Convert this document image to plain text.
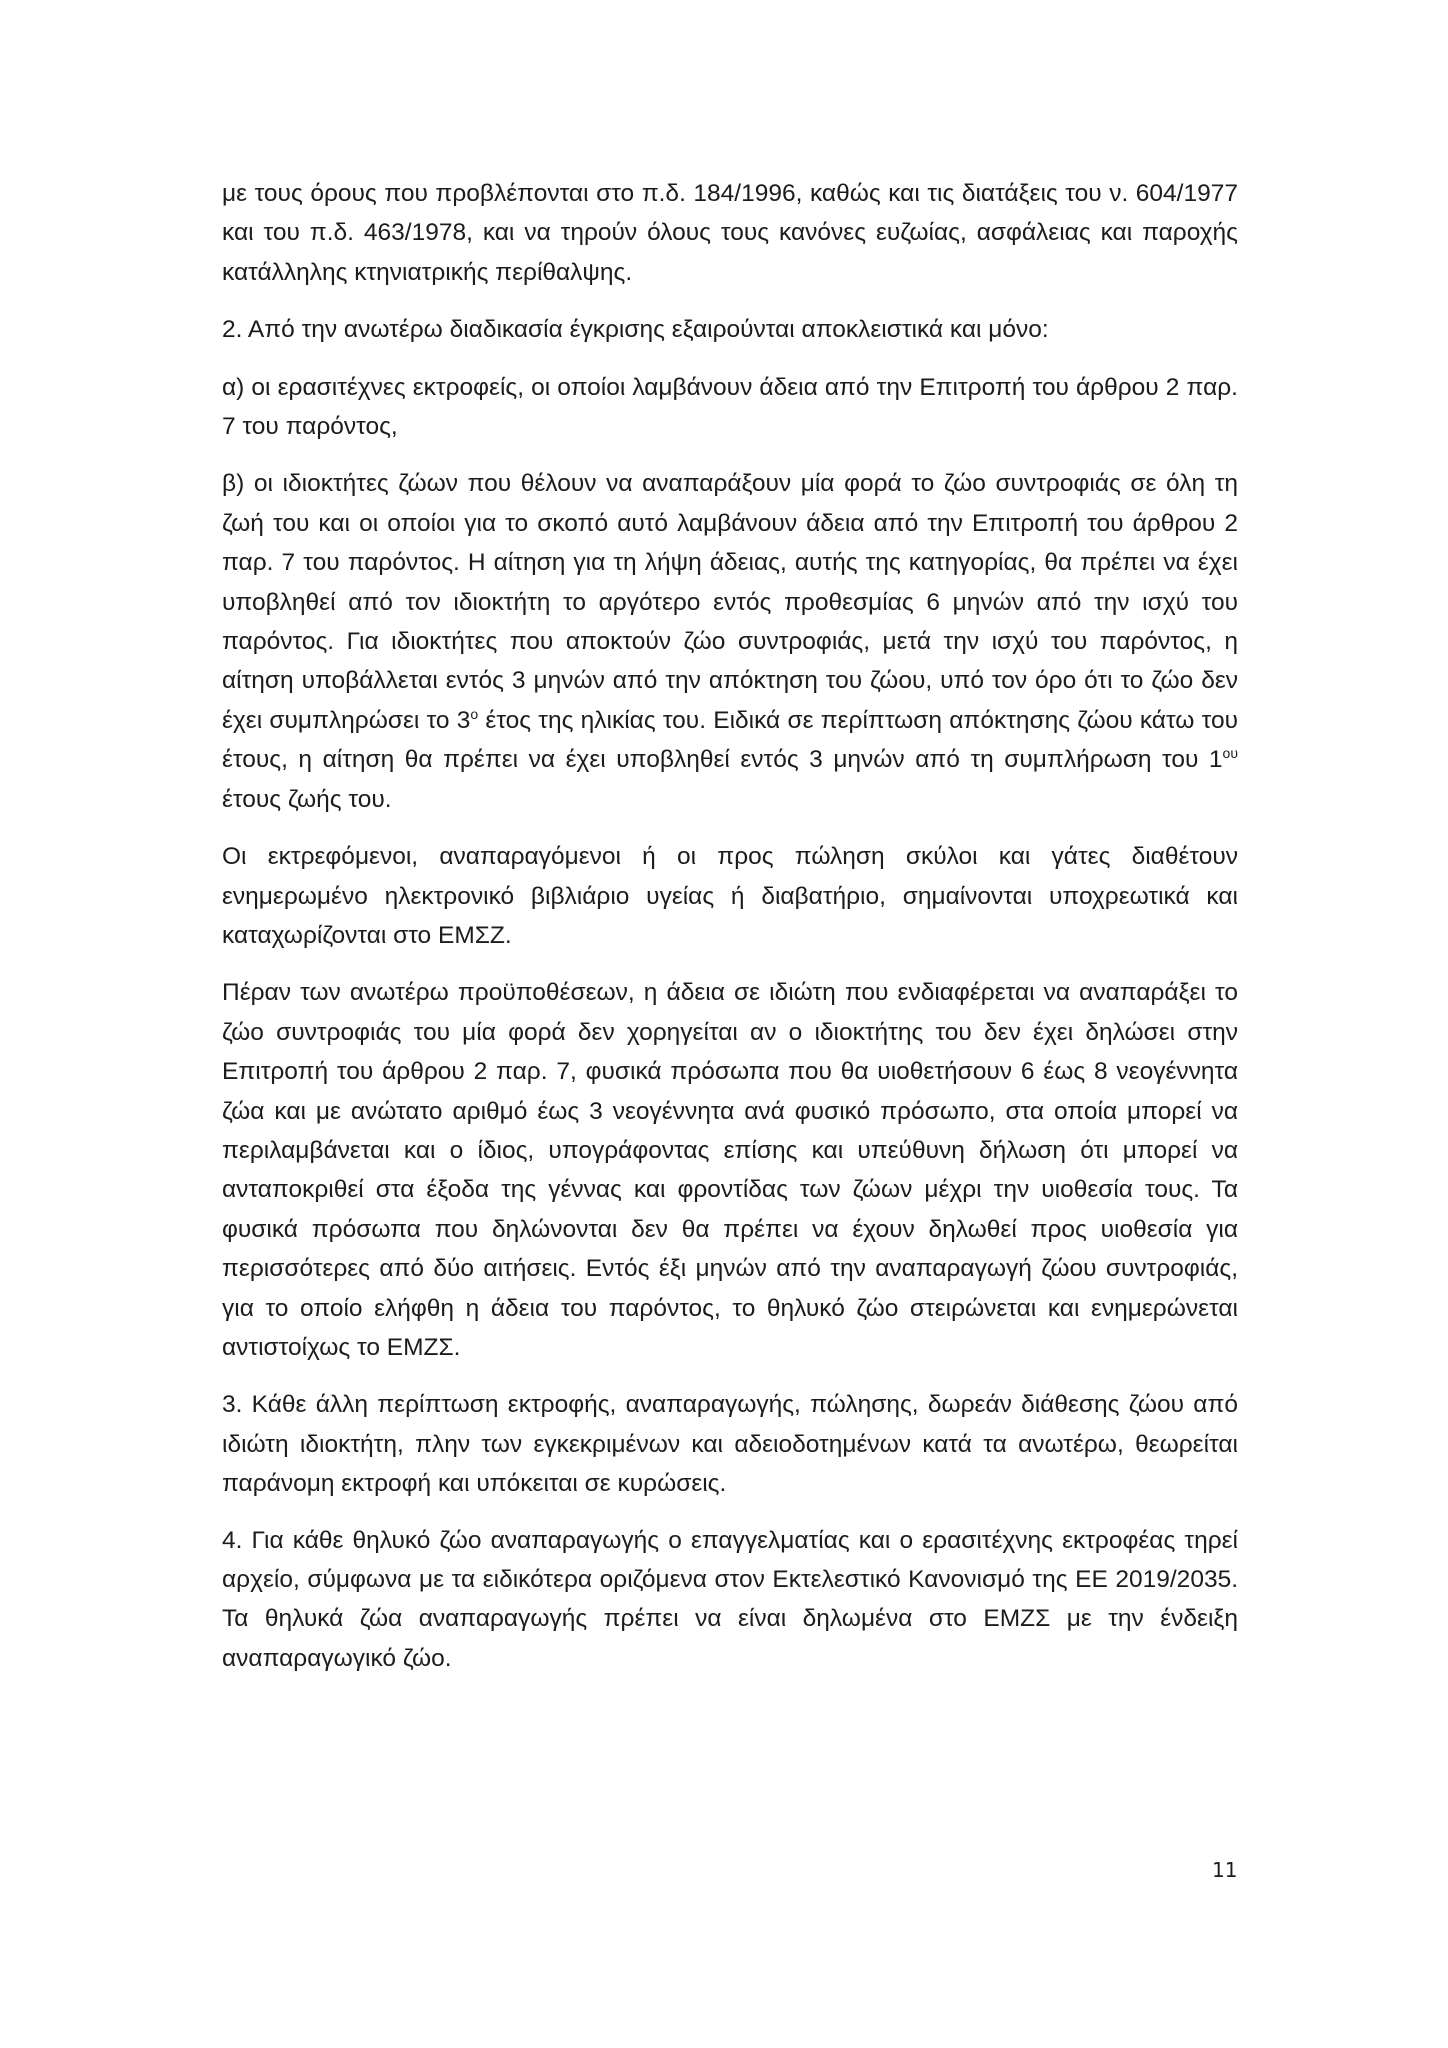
με τους όρους που προβλέπονται στο π.δ. 184/1996, καθώς και τις διατάξεις του ν. 604/1977 και του π.δ. 463/1978, και να τηρούν όλους τους κανόνες ευζωίας, ασφάλειας και παροχής κατάλληλης κτηνιατρικής περίθαλψης.

2. Από την ανωτέρω διαδικασία έγκρισης εξαιρούνται αποκλειστικά και μόνο:

α) οι ερασιτέχνες εκτροφείς, οι οποίοι λαμβάνουν άδεια από την Επιτροπή του άρθρου 2 παρ. 7 του παρόντος,

β) οι ιδιοκτήτες ζώων που θέλουν να αναπαράξουν μία φορά το ζώο συντροφιάς σε όλη τη ζωή του και οι οποίοι για το σκοπό αυτό λαμβάνουν άδεια από την Επιτροπή του άρθρου 2 παρ. 7 του παρόντος. Η αίτηση για τη λήψη άδειας, αυτής της κατηγορίας, θα πρέπει να έχει υποβληθεί από τον ιδιοκτήτη το αργότερο εντός προθεσμίας 6 μηνών από την ισχύ του παρόντος. Για ιδιοκτήτες που αποκτούν ζώο συντροφιάς, μετά την ισχύ του παρόντος, η αίτηση υποβάλλεται εντός 3 μηνών από την απόκτηση του ζώου, υπό τον όρο ότι το ζώο δεν έχει συμπληρώσει το $3^o$ έτος της ηλικίας του. Ειδικά σε περίπτωση απόκτησης ζώου κάτω του έτους, η αίτηση θα πρέπει να έχει υποβληθεί εντός 3 μηνών από τη συμπλήρωση του $1^{o\upsilon}$ έτους ζωής του.

Οι εκτρεφόμενοι, αναπαραγόμενοι ή οι προς πώληση σκύλοι και γάτες διαθέτουν ενημερωμένο ηλεκτρονικό βιβλιάριο υγείας ή διαβατήριο, σημαίνονται υποχρεωτικά και καταχωρίζονται στο ΕΜΣΖ.

Πέραν των ανωτέρω προϋποθέσεων, η άδεια σε ιδιώτη που ενδιαφέρεται να αναπαράξει το ζώο συντροφιάς του μία φορά δεν χορηγείται αν ο ιδιοκτήτης του δεν έχει δηλώσει στην Επιτροπή του άρθρου 2 παρ. 7, φυσικά πρόσωπα που θα υιοθετήσουν 6 έως 8 νεογέννητα ζώα και με ανώτατο αριθμό έως 3 νεογέννητα ανά φυσικό πρόσωπο, στα οποία μπορεί να περιλαμβάνεται και ο ίδιος, υπογράφοντας επίσης και υπεύθυνη δήλωση ότι μπορεί να ανταποκριθεί στα έξοδα της γέννας και φροντίδας των ζώων μέχρι την υιοθεσία τους. Τα φυσικά πρόσωπα που δηλώνονται δεν θα πρέπει να έχουν δηλωθεί προς υιοθεσία για περισσότερες από δύο αιτήσεις. Εντός έξι μηνών από την αναπαραγωγή ζώου συντροφιάς, για το οποίο ελήφθη η άδεια του παρόντος, το θηλυκό ζώο στειρώνεται και ενημερώνεται αντιστοίχως το ΕΜΖΣ.

3. Κάθε άλλη περίπτωση εκτροφής, αναπαραγωγής, πώλησης, δωρεάν διάθεσης ζώου από ιδιώτη ιδιοκτήτη, πλην των εγκεκριμένων και αδειοδοτημένων κατά τα ανωτέρω, θεωρείται παράνομη εκτροφή και υπόκειται σε κυρώσεις.

4. Για κάθε θηλυκό ζώο αναπαραγωγής ο επαγγελματίας και ο ερασιτέχνης εκτροφέας τηρεί αρχείο, σύμφωνα με τα ειδικότερα οριζόμενα στον Εκτελεστικό Κανονισμό της ΕΕ 2019/2035. Τα θηλυκά ζώα αναπαραγωγής πρέπει να είναι δηλωμένα στο ΕΜΖΣ με την ένδειξη αναπαραγωγικό ζώο.

11
